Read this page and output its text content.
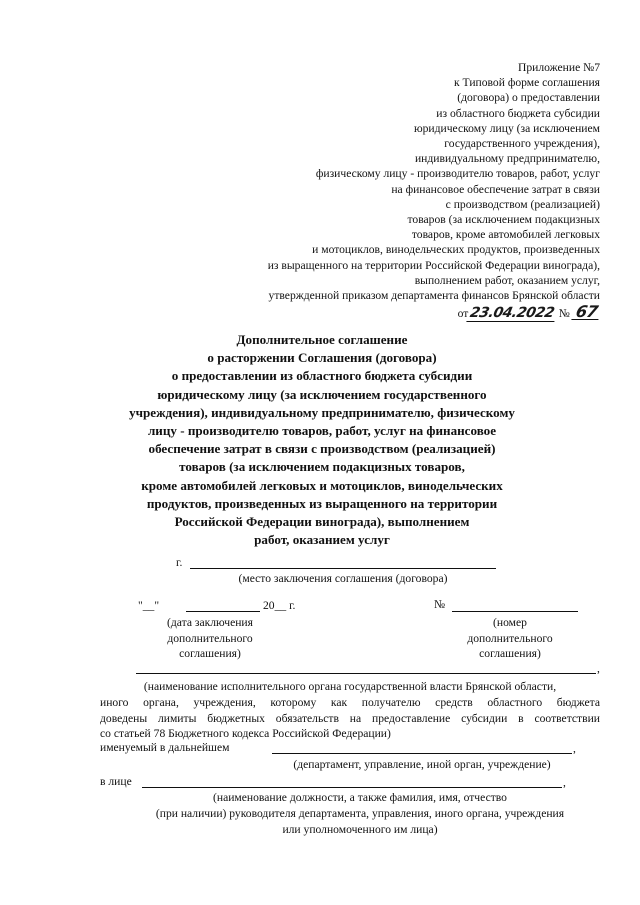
Приложение №7
к Типовой форме соглашения
(договора) о предоставлении
из областного бюджета субсидии
юридическому лицу (за исключением
государственного учреждения),
индивидуальному предпринимателю,
физическому лицу - производителю товаров, работ, услуг
на финансовое обеспечение затрат в связи
с производством (реализацией)
товаров (за исключением подакцизных
товаров, кроме автомобилей легковых
и мотоциклов, винодельческих продуктов, произведенных
из выращенного на территории Российской Федерации винограда),
выполнением работ, оказанием услуг,
утвержденной приказом департамента финансов Брянской области
от23.04.2022 № 67
Дополнительное соглашение
о расторжении Соглашения (договора)
о предоставлении из областного бюджета субсидии
юридическому лицу (за исключением государственного
учреждения), индивидуальному предпринимателю, физическому
лицу - производителю товаров, работ, услуг на финансовое
обеспечение затрат в связи с производством (реализацией)
товаров (за исключением подакцизных товаров,
кроме автомобилей легковых и мотоциклов, винодельческих
продуктов, произведенных из выращенного на территории
Российской Федерации винограда), выполнением
работ, оказанием услуг
г.
(место заключения соглашения (договора)
"__"	20__ г.
(дата заключения
дополнительного
соглашения)
№
(номер
дополнительного
соглашения)
,
(наименование исполнительного органа государственной власти Брянской области,
иного органа, учреждения, которому как получателю средств областного бюджета
доведены лимиты бюджетных обязательств на предоставление субсидии в соответствии
со статьей 78 Бюджетного кодекса Российской Федерации)
именуемый в дальнейшем	,
(департамент, управление, иной орган, учреждение)
в лице	,
(наименование должности, а также фамилия, имя, отчество
(при наличии) руководителя департамента, управления, иного органа, учреждения
или уполномоченного им лица)
